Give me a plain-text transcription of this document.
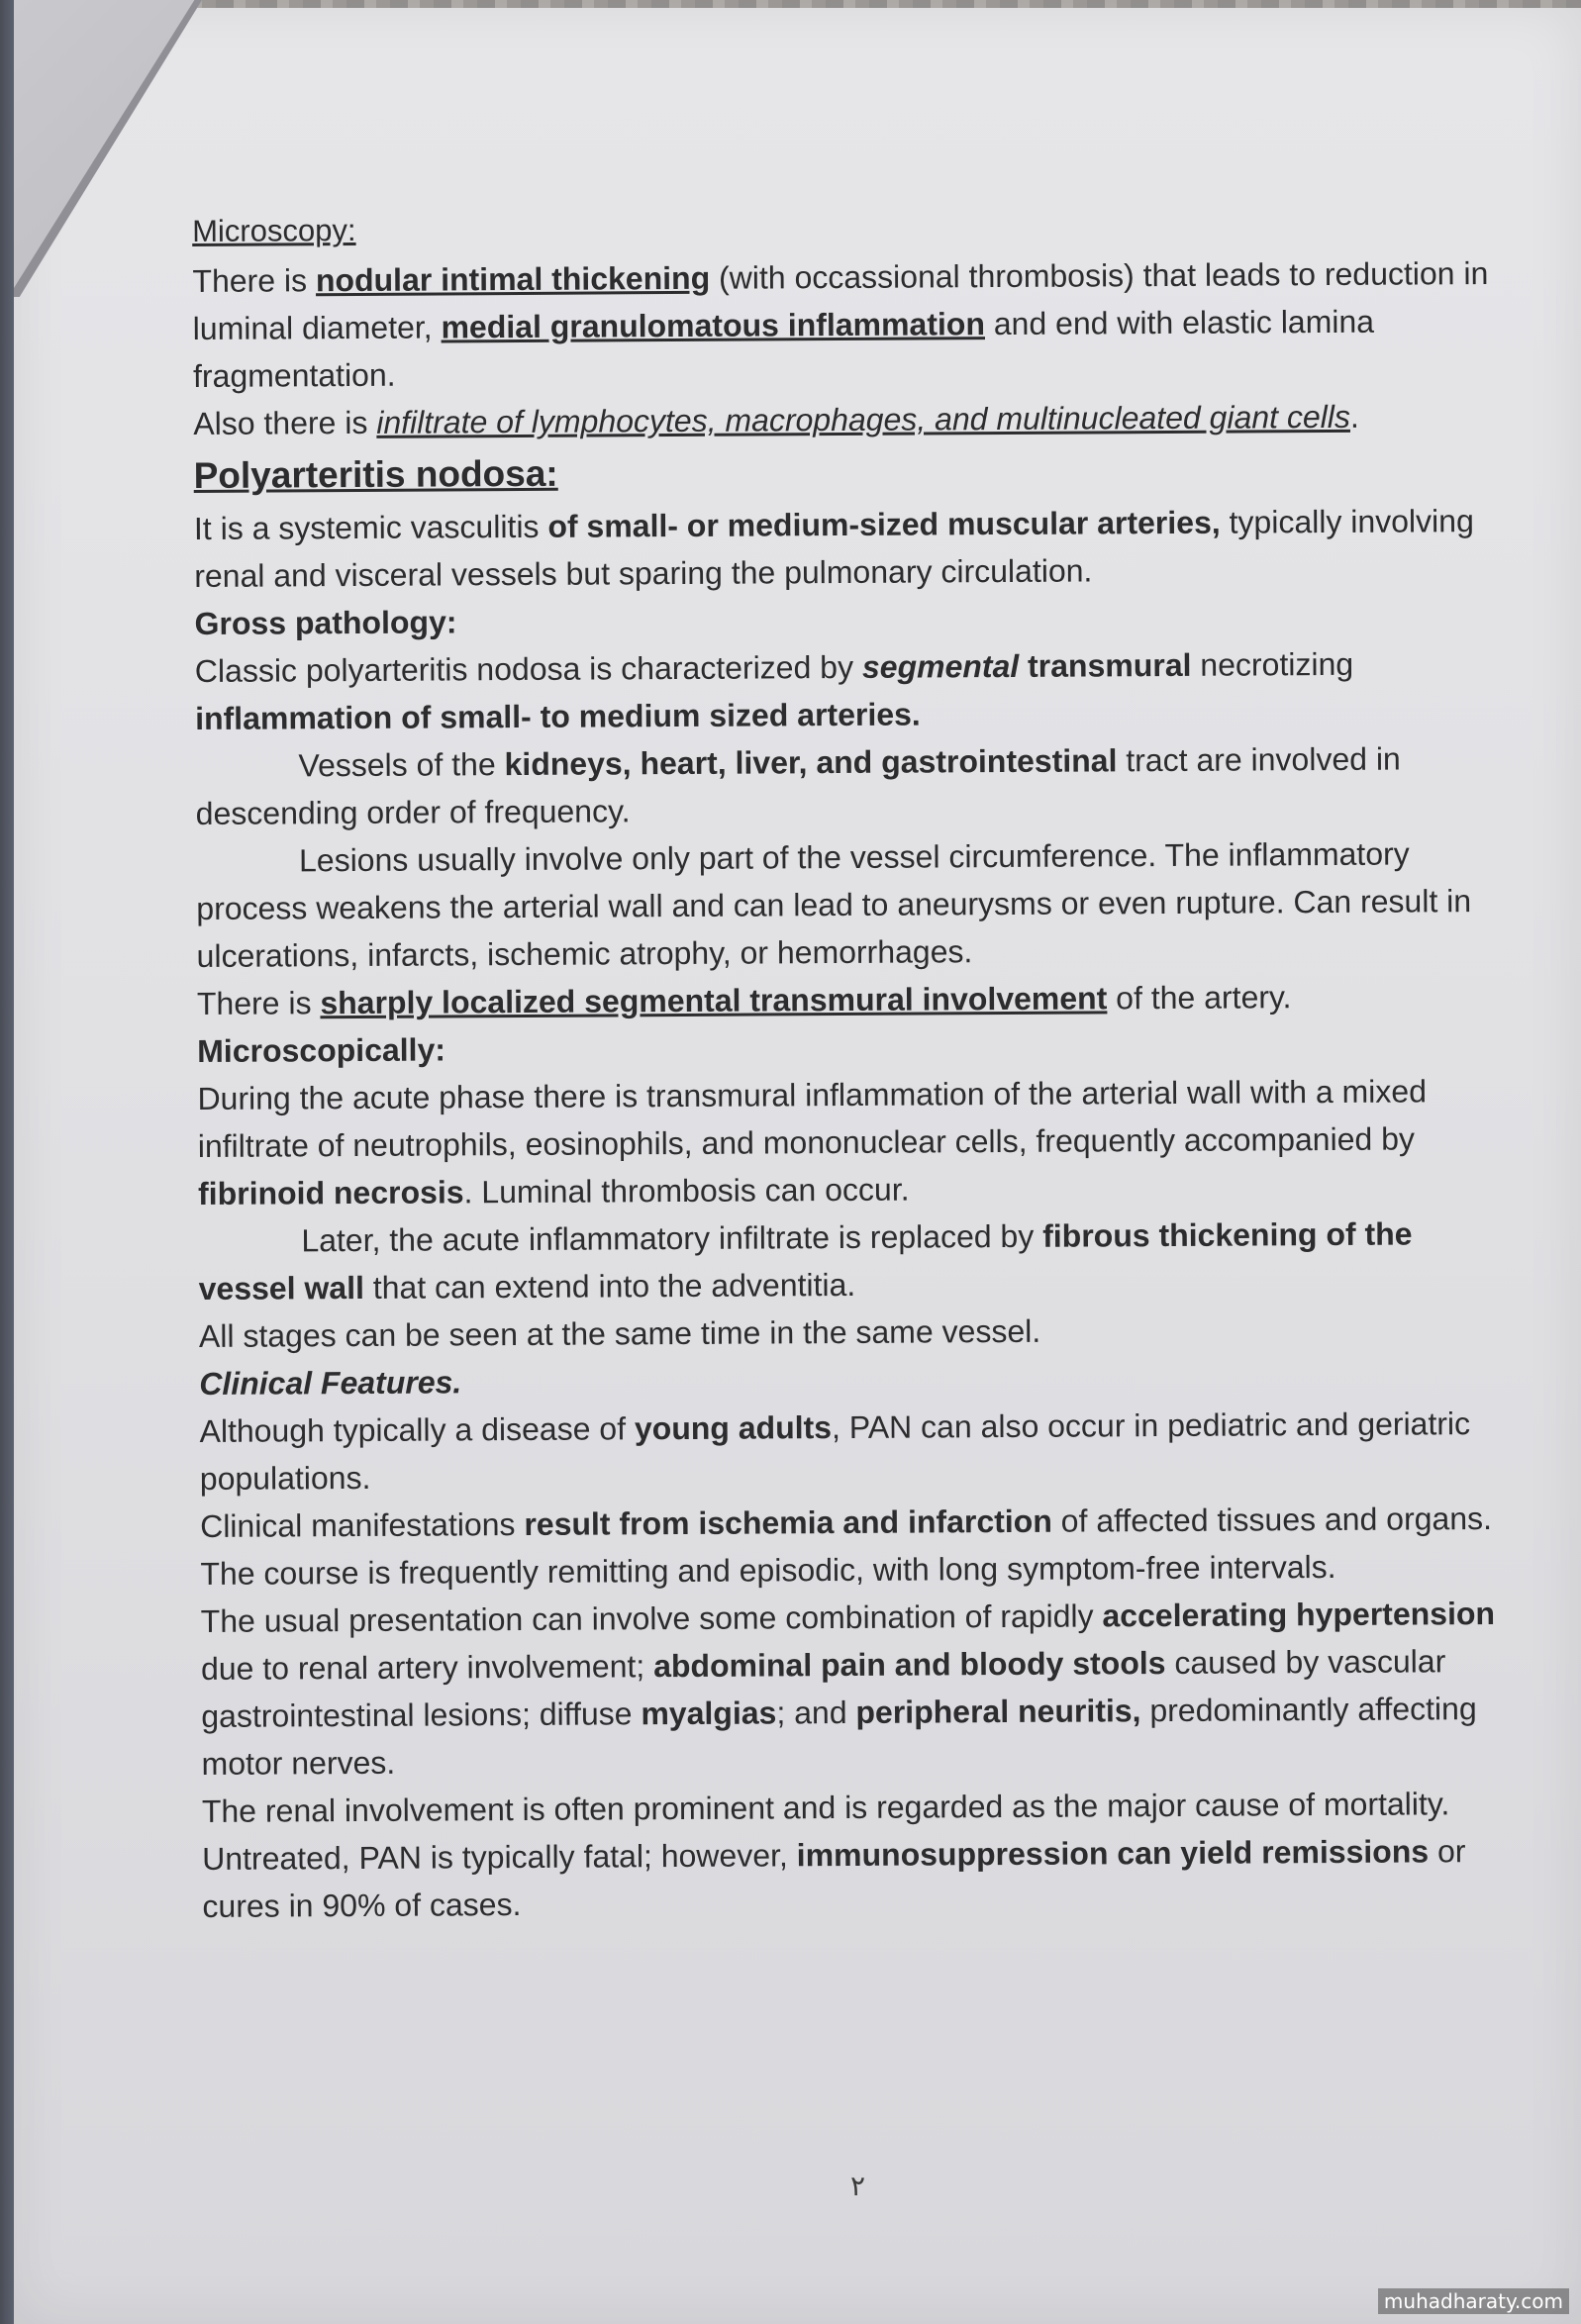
Microscopy:

There is nodular intimal thickening (with occassional thrombosis) that leads to reduction in luminal diameter, medial granulomatous inflammation and end with elastic lamina fragmentation.

Also there is infiltrate of lymphocytes, macrophages, and multinucleated giant cells.

Polyarteritis nodosa:

It is a systemic vasculitis of small- or medium-sized muscular arteries, typically involving renal and visceral vessels but sparing the pulmonary circulation.

Gross pathology:

Classic polyarteritis nodosa is characterized by segmental transmural necrotizing inflammation of small- to medium sized arteries.

Vessels of the kidneys, heart, liver, and gastrointestinal tract are involved in descending order of frequency.

Lesions usually involve only part of the vessel circumference. The inflammatory process weakens the arterial wall and can lead to aneurysms or even rupture. Can result in ulcerations, infarcts, ischemic atrophy, or hemorrhages.

There is sharply localized segmental transmural involvement of the artery.

Microscopically:

During the acute phase there is transmural inflammation of the arterial wall with a mixed infiltrate of neutrophils, eosinophils, and mononuclear cells, frequently accompanied by fibrinoid necrosis. Luminal thrombosis can occur.

Later, the acute inflammatory infiltrate is replaced by fibrous thickening of the vessel wall that can extend into the adventitia.

All stages can be seen at the same time in the same vessel.

Clinical Features.

Although typically a disease of young adults, PAN can also occur in pediatric and geriatric populations.

Clinical manifestations result from ischemia and infarction of affected tissues and organs.

The course is frequently remitting and episodic, with long symptom-free intervals.

The usual presentation can involve some combination of rapidly accelerating hypertension due to renal artery involvement; abdominal pain and bloody stools caused by vascular gastrointestinal lesions; diffuse myalgias; and peripheral neuritis, predominantly affecting motor nerves.

The renal involvement is often prominent and is regarded as the major cause of mortality.

Untreated, PAN is typically fatal; however, immunosuppression can yield remissions or cures in 90% of cases.

٢
muhadharaty.com
